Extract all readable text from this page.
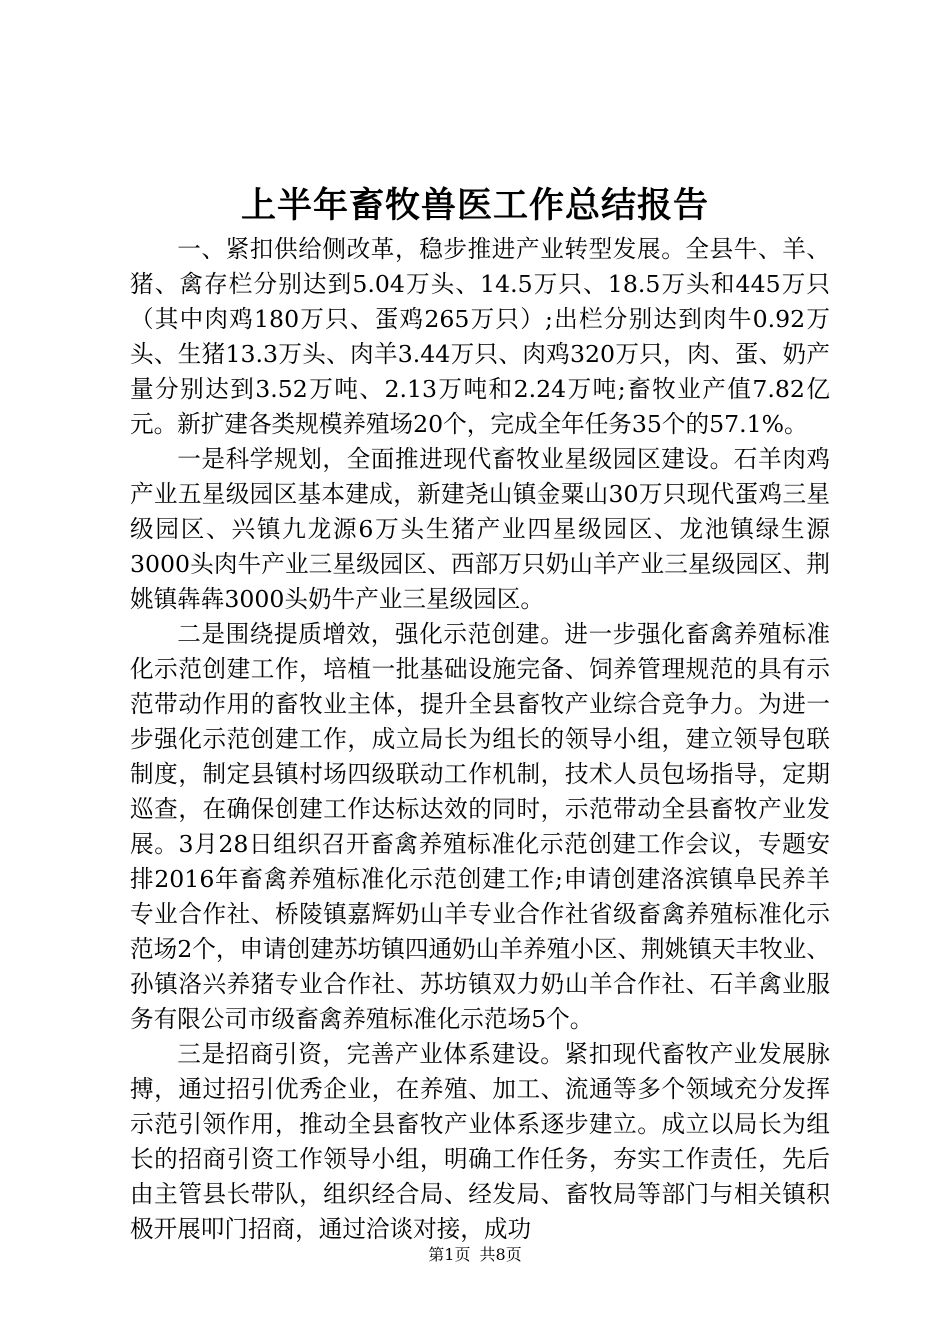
上半年畜牧兽医工作总结报告

一、紧扣供给侧改革，稳步推进产业转型发展。全县牛、羊、猪、禽存栏分别达到5.04万头、14.5万只、18.5万头和445万只（其中肉鸡180万只、蛋鸡265万只）;出栏分别达到肉牛0.92万头、生猪13.3万头、肉羊3.44万只、肉鸡320万只，肉、蛋、奶产量分别达到3.52万吨、2.13万吨和2.24万吨;畜牧业产值7.82亿元。新扩建各类规模养殖场20个，完成全年任务35个的57.1%。

一是科学规划，全面推进现代畜牧业星级园区建设。石羊肉鸡产业五星级园区基本建成，新建尧山镇金粟山30万只现代蛋鸡三星级园区、兴镇九龙源6万头生猪产业四星级园区、龙池镇绿生源3000头肉牛产业三星级园区、西部万只奶山羊产业三星级园区、荆姚镇犇犇3000头奶牛产业三星级园区。

二是围绕提质增效，强化示范创建。进一步强化畜禽养殖标准化示范创建工作，培植一批基础设施完备、饲养管理规范的具有示范带动作用的畜牧业主体，提升全县畜牧产业综合竞争力。为进一步强化示范创建工作，成立局长为组长的领导小组，建立领导包联制度，制定县镇村场四级联动工作机制，技术人员包场指导，定期巡查，在确保创建工作达标达效的同时，示范带动全县畜牧产业发展。3月28日组织召开畜禽养殖标准化示范创建工作会议，专题安排2016年畜禽养殖标准化示范创建工作;申请创建洛滨镇阜民养羊专业合作社、桥陵镇嘉辉奶山羊专业合作社省级畜禽养殖标准化示范场2个，申请创建苏坊镇四通奶山羊养殖小区、荆姚镇天丰牧业、孙镇洛兴养猪专业合作社、苏坊镇双力奶山羊合作社、石羊禽业服务有限公司市级畜禽养殖标准化示范场5个。

三是招商引资，完善产业体系建设。紧扣现代畜牧产业发展脉搏，通过招引优秀企业，在养殖、加工、流通等多个领域充分发挥示范引领作用，推动全县畜牧产业体系逐步建立。成立以局长为组长的招商引资工作领导小组，明确工作任务，夯实工作责任，先后由主管县长带队，组织经合局、经发局、畜牧局等部门与相关镇积极开展叩门招商，通过洽谈对接，成功

第1页 共8页
